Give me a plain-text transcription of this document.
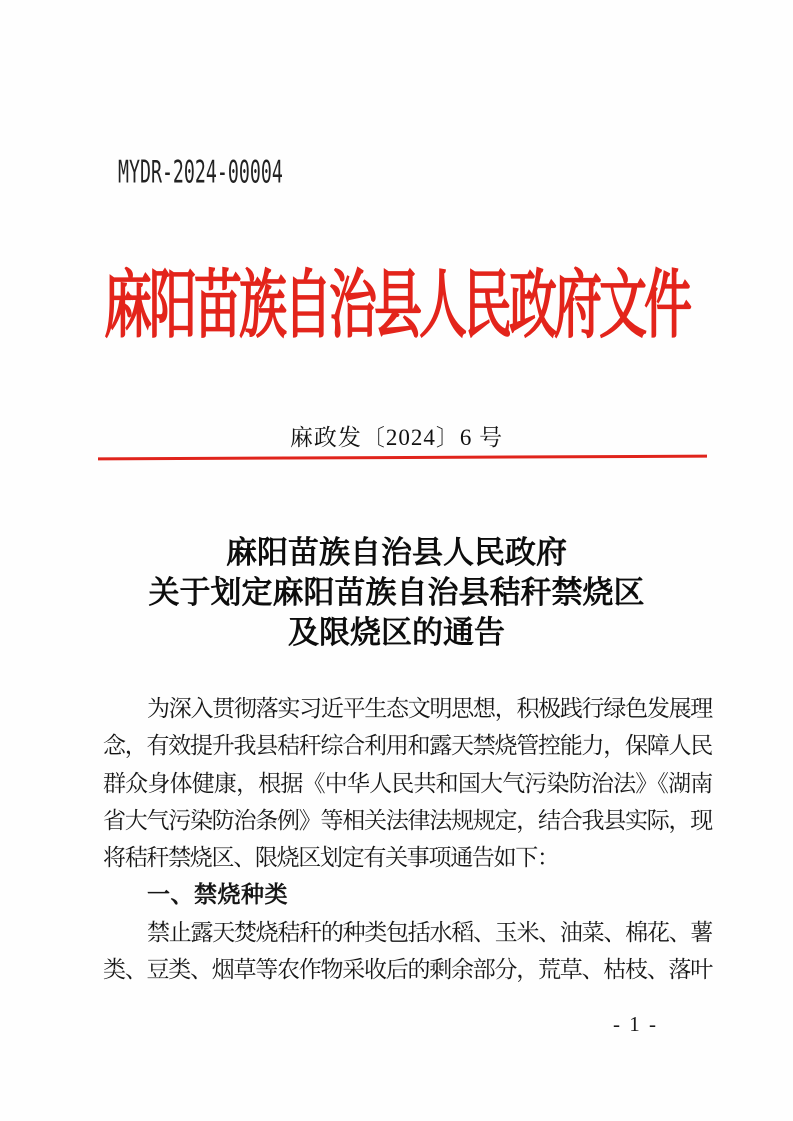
MYDR-2024-00004
麻阳苗族自治县人民政府文件
麻政发〔2024〕6 号
麻阳苗族自治县人民政府
关于划定麻阳苗族自治县秸秆禁烧区
及限烧区的通告
为深入贯彻落实习近平生态文明思想，积极践行绿色发展理
念，有效提升我县秸秆综合利用和露天禁烧管控能力，保障人民
群众身体健康，根据《中华人民共和国大气污染防治法》《湖南
省大气污染防治条例》等相关法律法规规定，结合我县实际，现
将秸秆禁烧区、限烧区划定有关事项通告如下：
一、禁烧种类
禁止露天焚烧秸秆的种类包括水稻、玉米、油菜、棉花、薯
类、豆类、烟草等农作物采收后的剩余部分，荒草、枯枝、落叶
- 1 -
